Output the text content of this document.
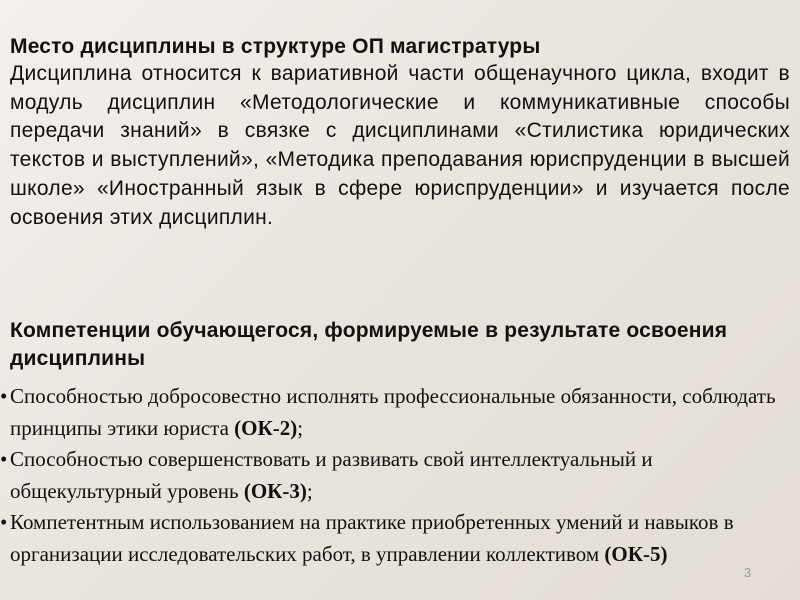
Место дисциплины в структуре ОП магистратуры
Дисциплина относится к вариативной части общенаучного цикла, входит в модуль дисциплин «Методологические и коммуникативные способы передачи знаний» в связке с дисциплинами «Стилистика юридических текстов и выступлений», «Методика преподавания юриспруденции в высшей школе» «Иностранный язык в сфере юриспруденции» и изучается после освоения этих дисциплин.
Компетенции обучающегося, формируемые в результате освоения дисциплины
• Способностью добросовестно исполнять профессиональные обязанности, соблюдать принципы этики юриста (ОК‑2);
• Способностью совершенствовать и развивать свой интеллектуальный и общекультурный уровень (ОК‑3);
• Компетентным использованием на практике приобретенных умений и навыков в организации исследовательских работ, в управлении коллективом (ОК‑5)
3
